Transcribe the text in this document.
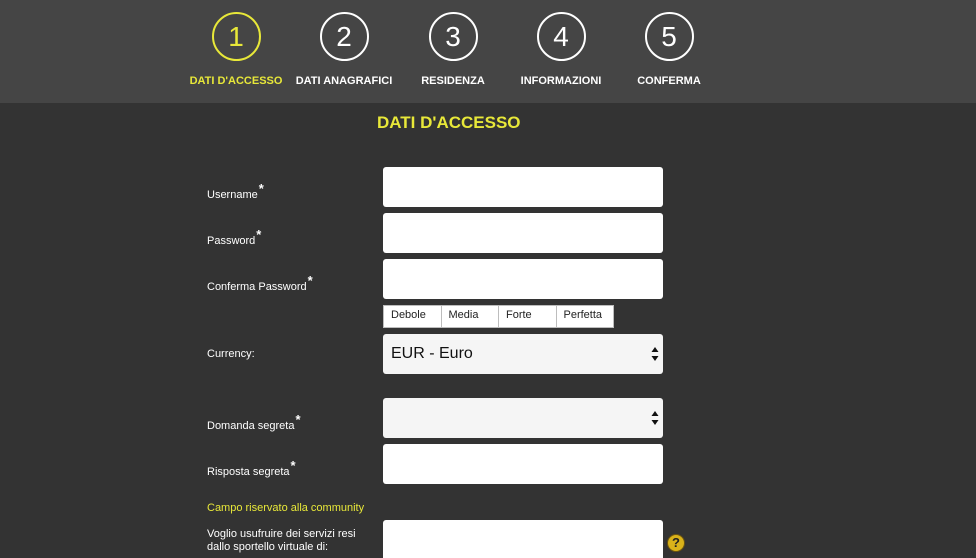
1
DATI D'ACCESSO
2
DATI ANAGRAFICI
3
RESIDENZA
4
INFORMAZIONI
5
CONFERMA
DATI D'ACCESSO
Username*
Password*
Conferma Password*
Debole	Media	Forte	Perfetta
Currency:	EUR - Euro
Domanda segreta*
Risposta segreta*
Campo riservato alla community
Voglio usufruire dei servizi resi dallo sportello virtuale di:	?
